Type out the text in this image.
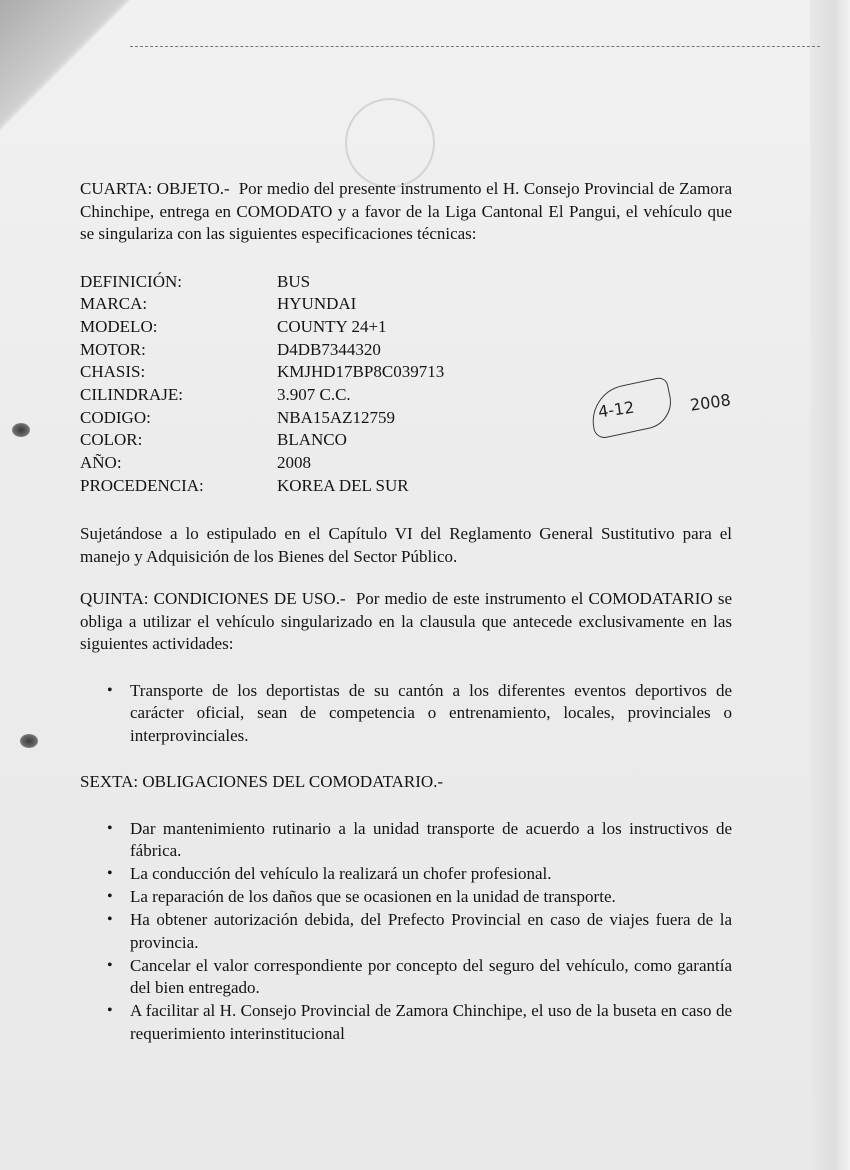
4-12	2008

CUARTA: OBJETO.- Por medio del presente instrumento el H. Consejo Provincial de Zamora Chinchipe, entrega en COMODATO y a favor de la Liga Cantonal El Pangui, el vehículo que se singulariza con las siguientes especificaciones técnicas:

DEFINICIÓN:	BUS
MARCA:	HYUNDAI
MODELO:	COUNTY 24+1
MOTOR:	D4DB7344320
CHASIS:	KMJHD17BP8C039713
CILINDRAJE:	3.907 C.C.
CODIGO:	NBA15AZ12759
COLOR:	BLANCO
AÑO:	2008
PROCEDENCIA:	KOREA DEL SUR

Sujetándose a lo estipulado en el Capítulo VI del Reglamento General Sustitutivo para el manejo y Adquisición de los Bienes del Sector Público.

QUINTA: CONDICIONES DE USO.- Por medio de este instrumento el COMODATARIO se obliga a utilizar el vehículo singularizado en la clausula que antecede exclusivamente en las siguientes actividades:

• Transporte de los deportistas de su cantón a los diferentes eventos deportivos de carácter oficial, sean de competencia o entrenamiento, locales, provinciales o interprovinciales.

SEXTA: OBLIGACIONES DEL COMODATARIO.-

• Dar mantenimiento rutinario a la unidad transporte de acuerdo a los instructivos de fábrica.
• La conducción del vehículo la realizará un chofer profesional.
• La reparación de los daños que se ocasionen en la unidad de transporte.
• Ha obtener autorización debida, del Prefecto Provincial en caso de viajes fuera de la provincia.
• Cancelar el valor correspondiente por concepto del seguro del vehículo, como garantía del bien entregado.
• A facilitar al H. Consejo Provincial de Zamora Chinchipe, el uso de la buseta en caso de requerimiento interinstitucional
